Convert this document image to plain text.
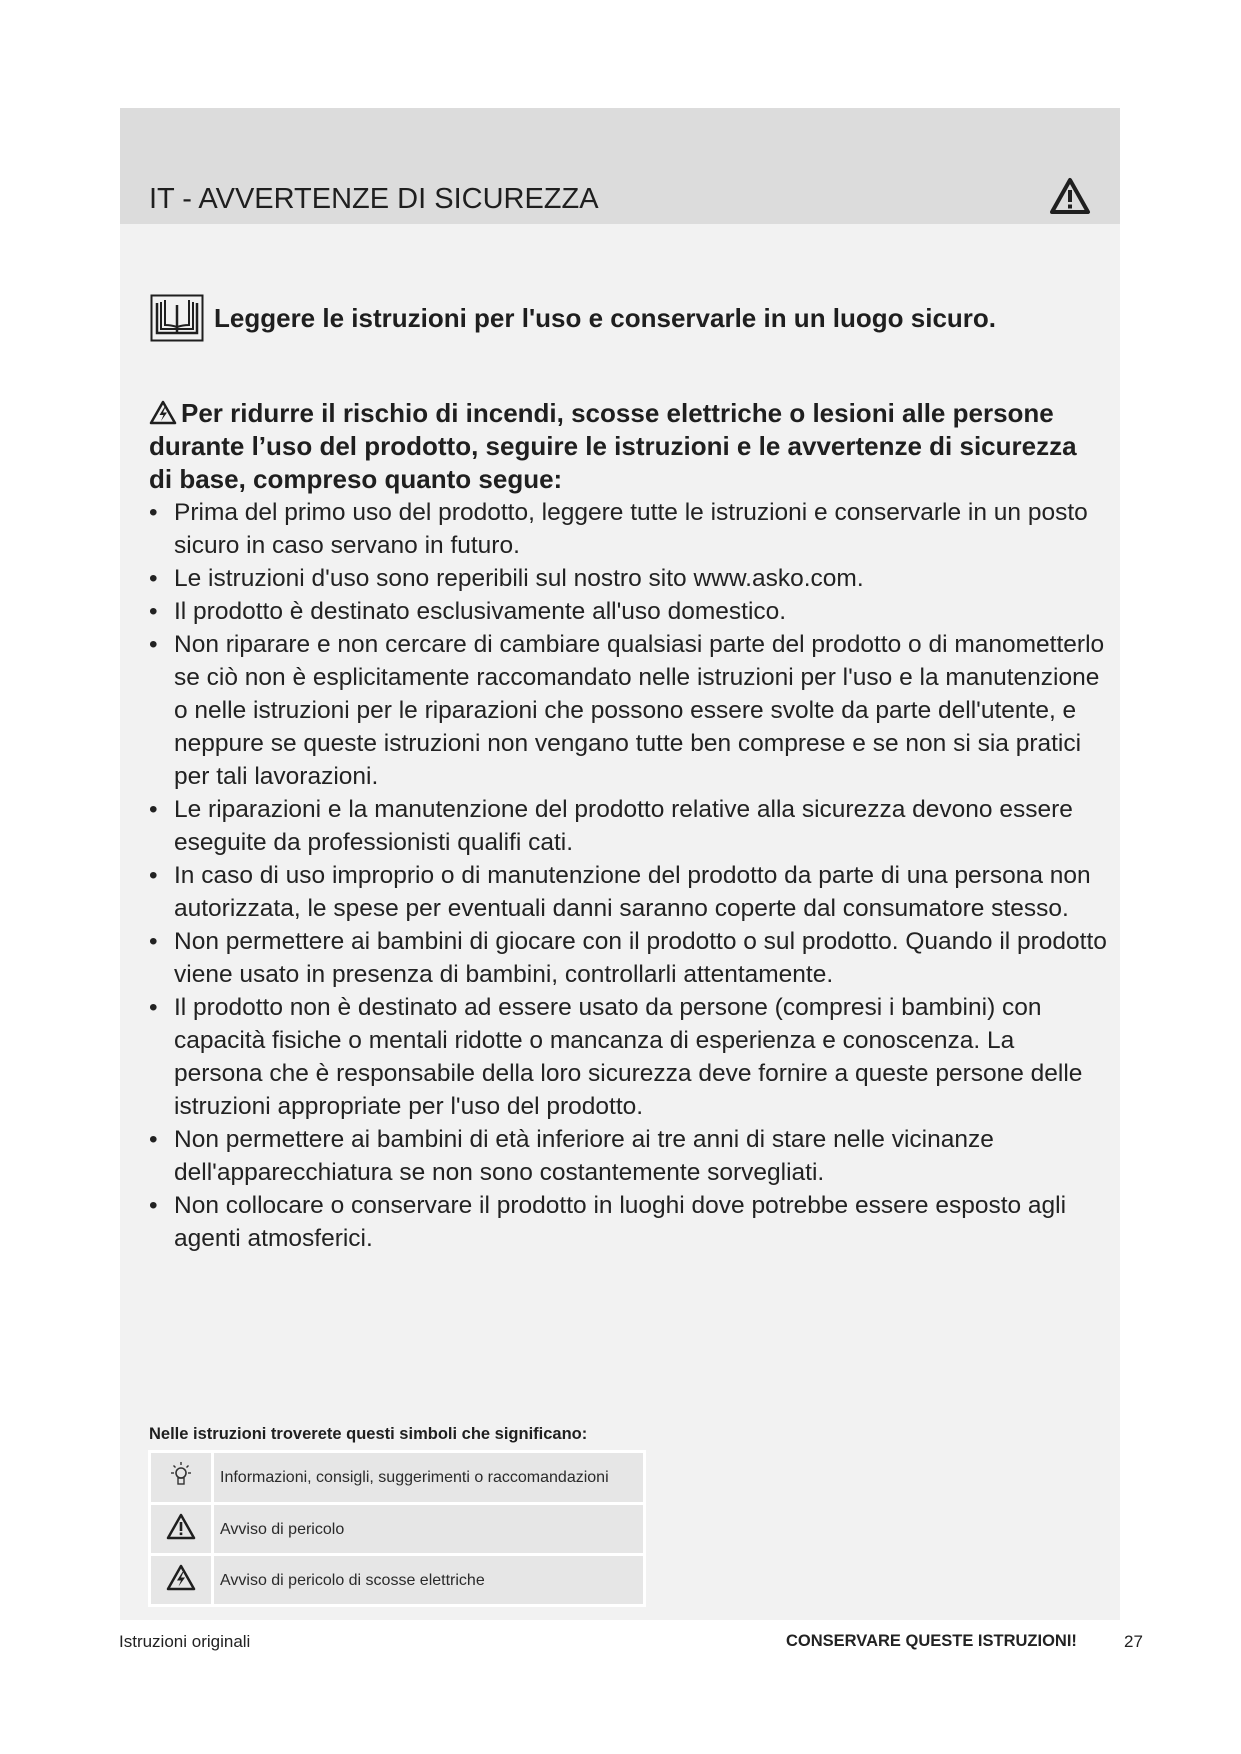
IT - AVVERTENZE DI SICUREZZA
Leggere le istruzioni per l'uso e conservarle in un luogo sicuro.
Per ridurre il rischio di incendi, scosse elettriche o lesioni alle persone durante l’uso del prodotto, seguire le istruzioni e le avvertenze di sicurezza di base, compreso quanto segue:
• Prima del primo uso del prodotto, leggere tutte le istruzioni e conservarle in un posto sicuro in caso servano in futuro.
• Le istruzioni d'uso sono reperibili sul nostro sito www.asko.com.
• Il prodotto è destinato esclusivamente all'uso domestico.
• Non riparare e non cercare di cambiare qualsiasi parte del prodotto o di manometterlo se ciò non è esplicitamente raccomandato nelle istruzioni per l'uso e la manutenzione o nelle istruzioni per le riparazioni che possono essere svolte da parte dell'utente, e neppure se queste istruzioni non vengano tutte ben comprese e se non si sia pratici per tali lavorazioni.
• Le riparazioni e la manutenzione del prodotto relative alla sicurezza devono essere eseguite da professionisti qualifi cati.
• In caso di uso improprio o di manutenzione del prodotto da parte di una persona non autorizzata, le spese per eventuali danni saranno coperte dal consumatore stesso.
• Non permettere ai bambini di giocare con il prodotto o sul prodotto. Quando il prodotto viene usato in presenza di bambini, controllarli attentamente.
• Il prodotto non è destinato ad essere usato da persone (compresi i bambini) con capacità fisiche o mentali ridotte o mancanza di esperienza e conoscenza. La persona che è responsabile della loro sicurezza deve fornire a queste persone delle istruzioni appropriate per l'uso del prodotto.
• Non permettere ai bambini di età inferiore ai tre anni di stare nelle vicinanze dell'apparecchiatura se non sono costantemente sorvegliati.
• Non collocare o conservare il prodotto in luoghi dove potrebbe essere esposto agli agenti atmosferici.

Nelle istruzioni troverete questi simboli che significano:

	Informazioni, consigli, suggerimenti o raccomandazioni
	Avviso di pericolo
	Avviso di pericolo di scosse elettriche
Istruzioni originali	CONSERVARE QUESTE ISTRUZIONI!	27
